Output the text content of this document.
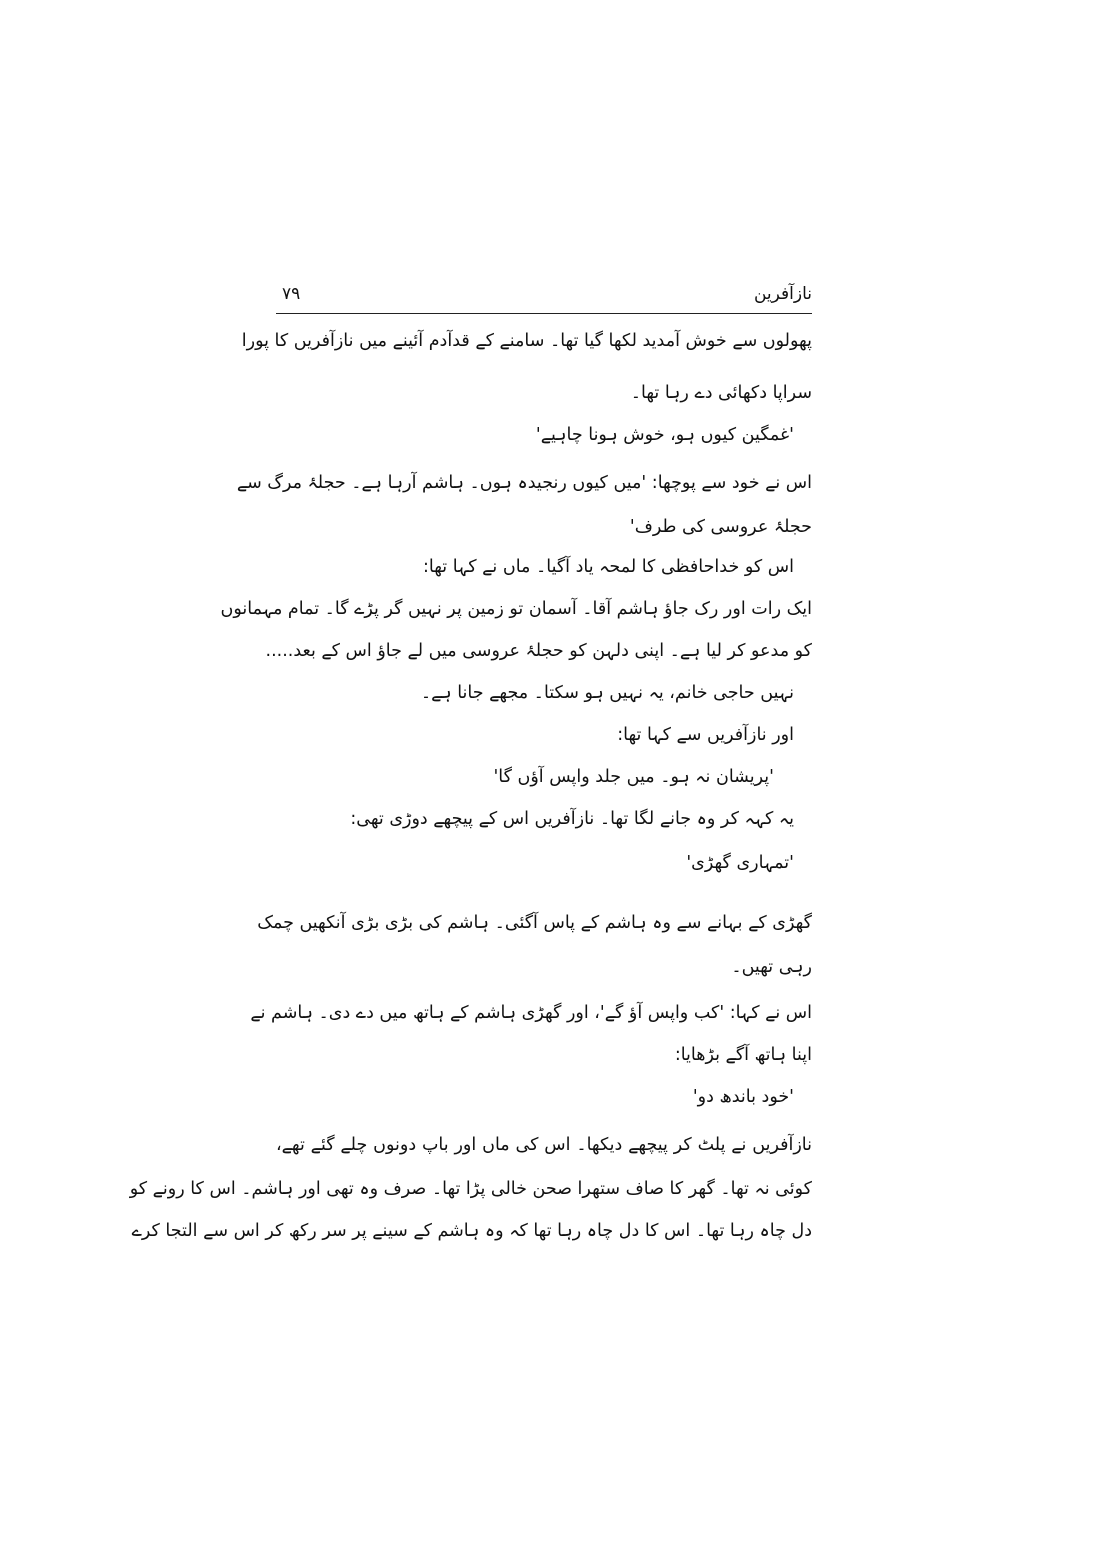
نازآفرین
۷۹
پھولوں سے خوش آمدید لکھا گیا تھا۔ سامنے کے قدآدم آئینے میں نازآفریں کا پورا
سراپا دکھائی دے رہا تھا۔
'غمگین کیوں ہو، خوش ہونا چاہیے'
اس نے خود سے پوچھا: 'میں کیوں رنجیدہ ہوں۔ ہاشم آرہا ہے۔ حجلۂ مرگ سے
حجلۂ عروسی کی طرف'
اس کو خداحافظی کا لمحہ یاد آگیا۔ ماں نے کہا تھا:
ایک رات اور رک جاؤ ہاشم آقا۔ آسمان تو زمین پر نہیں گر پڑے گا۔ تمام مہمانوں
کو مدعو کر لیا ہے۔ اپنی دلہن کو حجلۂ عروسی میں لے جاؤ اس کے بعد.....
نہیں حاجی خانم، یہ نہیں ہو سکتا۔ مجھے جانا ہے۔
اور نازآفریں سے کہا تھا:
'پریشان نہ ہو۔ میں جلد واپس آؤں گا'
یہ کہہ کر وہ جانے لگا تھا۔ نازآفریں اس کے پیچھے دوڑی تھی:
'تمہاری گھڑی'
گھڑی کے بہانے سے وہ ہاشم کے پاس آگئی۔ ہاشم کی بڑی بڑی آنکھیں چمک
رہی تھیں۔
اس نے کہا: 'کب واپس آؤ گے'، اور گھڑی ہاشم کے ہاتھ میں دے دی۔ ہاشم نے
اپنا ہاتھ آگے بڑھایا:
'خود باندھ دو'
نازآفریں نے پلٹ کر پیچھے دیکھا۔ اس کی ماں اور باپ دونوں چلے گئے تھے،
کوئی نہ تھا۔ گھر کا صاف ستھرا صحن خالی پڑا تھا۔ صرف وہ تھی اور ہاشم۔ اس کا رونے کو
دل چاہ رہا تھا۔ اس کا دل چاہ رہا تھا کہ وہ ہاشم کے سینے پر سر رکھ کر اس سے التجا کرے
